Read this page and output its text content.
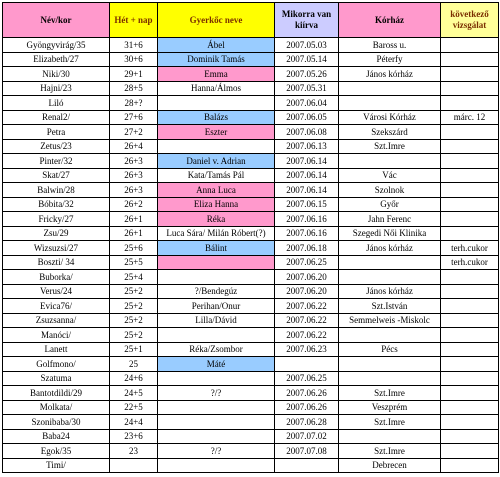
Név/kor	Hét + nap	Gyerkőc neve	Mikorra van kiírva	Kórház	következő vizsgálat
Gyöngyvirág/35	31+6	Ábel	2007.05.03	Baross u.	
Elizabeth/27	30+6	Dominik Tamás	2007.05.14	Péterfy	
Niki/30	29+1	Emma	2007.05.26	János kórház	
Hajni/23	28+5	Hanna/Álmos	2007.05.31		
Liló	28+?		2007.06.04		
Renal2/	27+6	Balázs	2007.06.05	Városi Kórház	márc. 12
Petra	27+2	Eszter	2007.06.08	Szekszárd	
Zetus/23	26+4		2007.06.13	Szt.Imre	
Pinter/32	26+3	Daniel v. Adrian	2007.06.14		
Skat/27	26+3	Kata/Tamás Pál	2007.06.14	Vác	
Balwin/28	26+3	Anna Luca	2007.06.14	Szolnok	
Bóbita/32	26+2	Eliza Hanna	2007.06.15	Győr	
Fricky/27	26+1	Réka	2007.06.16	Jahn Ferenc	
Zsu/29	26+1	Luca Sára/ Milán Róbert(?)	2007.06.16	Szegedi Női Klinika	
Wizsuzsi/27	25+6	Bálint	2007.06.18	János kórház	terh.cukor
Boszti/ 34	25+5		2007.06.25		terh.cukor
Buborka/	25+4		2007.06.20		
Verus/24	25+2	?/Bendegúz	2007.06.20	János kórház	
Evica76/	25+2	Perihan/Onur	2007.06.22	Szt.István	
Zsuzsanna/	25+2	Lilla/Dávid	2007.06.22	Semmelweis -Miskolc	
Manóci/	25+2		2007.06.22		
Lanett	25+1	Réka/Zsombor	2007.06.23	Pécs	
Golfmono/	25	Máté			
Szatuma	24+6		2007.06.25		
Bantotdildi/29	24+5	?/?	2007.06.26	Szt.Imre	
Molkata/	22+5		2007.06.26	Veszprém	
Szonibaba/30	24+4		2007.06.28	Szt.Imre	
Baba24	23+6		2007.07.02		
Egok/35	23	?/?	2007.07.08	Szt.Imre	
Timi/				Debrecen	
